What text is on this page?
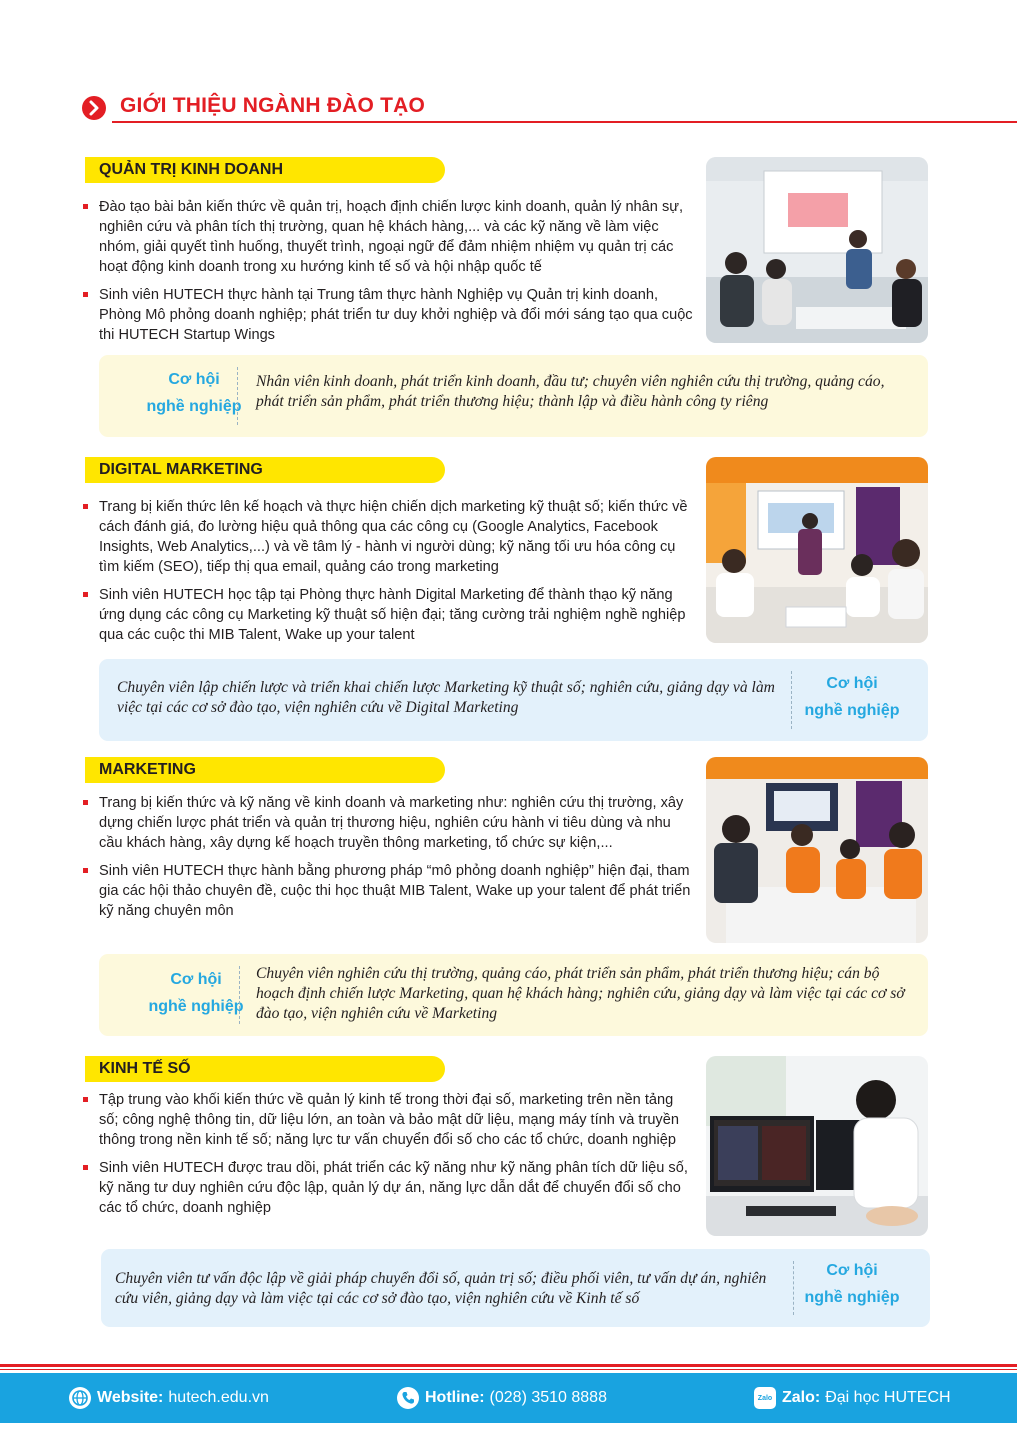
GIỚI THIỆU NGÀNH ĐÀO TẠO
QUẢN TRỊ KINH DOANH
Đào tạo bài bản kiến thức về quản trị, hoạch định chiến lược kinh doanh, quản lý nhân sự, nghiên cứu và phân tích thị trường, quan hệ khách hàng,... và các kỹ năng về làm việc nhóm, giải quyết tình huống, thuyết trình, ngoại ngữ để đảm nhiệm nhiệm vụ quản trị các hoạt động kinh doanh trong xu hướng kinh tế số và hội nhập quốc tế
Sinh viên HUTECH thực hành tại Trung tâm thực hành Nghiệp vụ Quản trị kinh doanh, Phòng Mô phỏng doanh nghiệp; phát triển tư duy khởi nghiệp và đổi mới sáng tạo qua cuộc thi HUTECH Startup Wings
Cơ hội
nghề nghiệp
Nhân viên kinh doanh, phát triển kinh doanh, đầu tư; chuyên viên nghiên cứu thị trường, quảng cáo, phát triển sản phẩm, phát triển thương hiệu; thành lập và điều hành công ty riêng
DIGITAL MARKETING
Trang bị kiến thức lên kế hoạch và thực hiện chiến dịch marketing kỹ thuật số; kiến thức về cách đánh giá, đo lường hiệu quả thông qua các công cụ (Google Analytics, Facebook Insights, Web Analytics,...) và về tâm lý - hành vi người dùng; kỹ năng tối ưu hóa công cụ tìm kiếm (SEO), tiếp thị qua email, quảng cáo trong marketing
Sinh viên HUTECH học tập tại Phòng thực hành Digital Marketing để thành thạo kỹ năng ứng dụng các công cụ Marketing kỹ thuật số hiện đại; tăng cường trải nghiệm nghề nghiệp qua các cuộc thi MIB Talent, Wake up your talent
Chuyên viên lập chiến lược và triển khai chiến lược Marketing kỹ thuật số; nghiên cứu, giảng dạy và làm việc tại các cơ sở đào tạo, viện nghiên cứu về Digital Marketing
Cơ hội
nghề nghiệp
MARKETING
Trang bị kiến thức và kỹ năng về kinh doanh và marketing như: nghiên cứu thị trường, xây dựng chiến lược phát triển và quản trị thương hiệu, nghiên cứu hành vi tiêu dùng và nhu cầu khách hàng, xây dựng kế hoạch truyền thông marketing, tổ chức sự kiện,...
Sinh viên HUTECH thực hành bằng phương pháp “mô phỏng doanh nghiệp” hiện đại, tham gia các hội thảo chuyên đề, cuộc thi học thuật MIB Talent, Wake up your talent để phát triển kỹ năng chuyên môn
Cơ hội
nghề nghiệp
Chuyên viên nghiên cứu thị trường, quảng cáo, phát triển sản phẩm, phát triển thương hiệu; cán bộ hoạch định chiến lược Marketing, quan hệ khách hàng; nghiên cứu, giảng dạy và làm việc tại các cơ sở đào tạo, viện nghiên cứu về Marketing
KINH TẾ SỐ
Tập trung vào khối kiến thức về quản lý kinh tế trong thời đại số, marketing trên nền tảng số; công nghệ thông tin, dữ liệu lớn, an toàn và bảo mật dữ liệu, mạng máy tính và truyền thông trong nền kinh tế số; năng lực tư vấn chuyển đổi số cho các tổ chức, doanh nghiệp
Sinh viên HUTECH được trau dồi, phát triển các kỹ năng như kỹ năng phân tích dữ liệu số, kỹ năng tư duy nghiên cứu độc lập, quản lý dự án, năng lực dẫn dắt để chuyển đổi số cho các tổ chức, doanh nghiệp
Chuyên viên tư vấn độc lập về giải pháp chuyển đổi số, quản trị số; điều phối viên, tư vấn dự án, nghiên cứu viên, giảng dạy và làm việc tại các cơ sở đào tạo, viện nghiên cứu về Kinh tế số
Cơ hội
nghề nghiệp
Website: hutech.edu.vn	Hotline: (028) 3510 8888	Zalo Zalo: Đại học HUTECH
